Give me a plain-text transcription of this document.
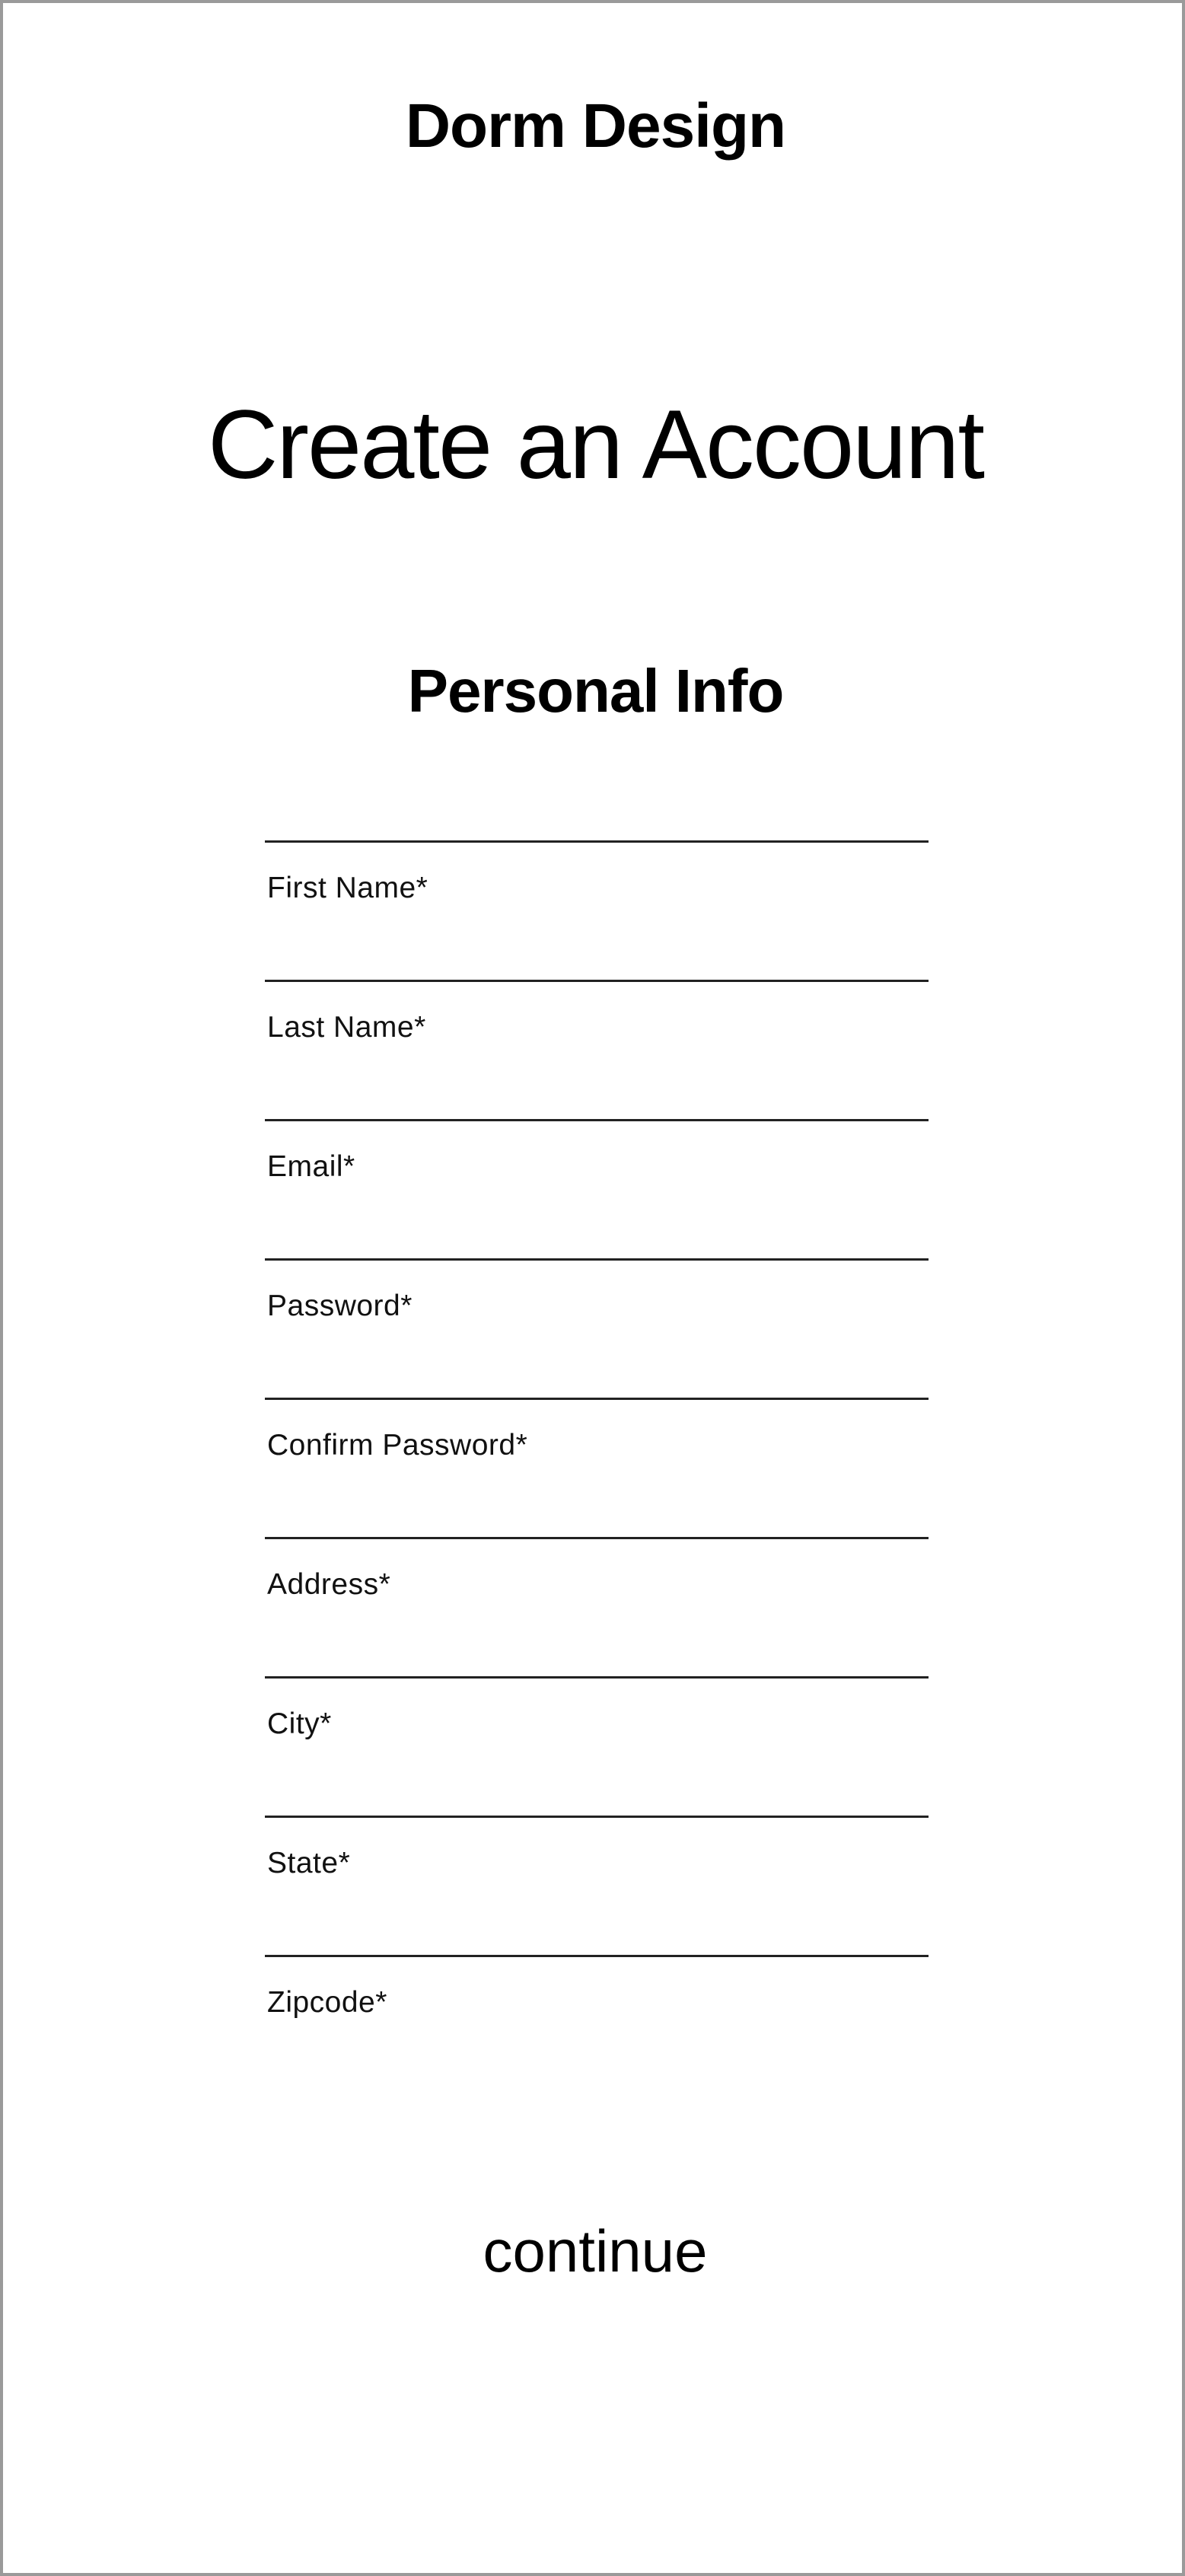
Dorm Design
Create an Account
Personal Info
First Name*
Last Name*
Email*
Password*
Confirm Password*
Address*
City*
State*
Zipcode*
continue
